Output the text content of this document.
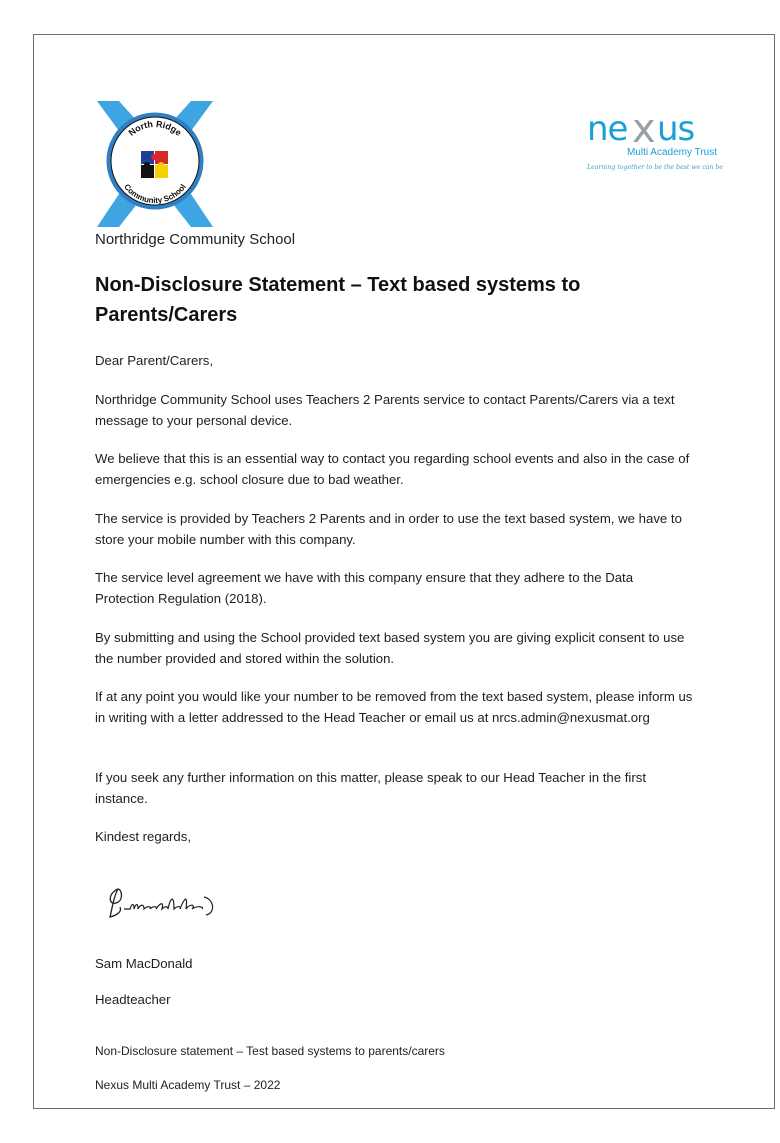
North Ridge
Community School
ne x us
Multi Academy Trust
Learning together to be the best we can be
Northridge Community School
Non-Disclosure Statement – Text based systems to Parents/Carers

Dear Parent/Carers,

Northridge Community School uses Teachers 2 Parents service to contact Parents/Carers via a text message to your personal device.

We believe that this is an essential way to contact you regarding school events and also in the case of emergencies e.g. school closure due to bad weather.

The service is provided by Teachers 2 Parents and in order to use the text based system, we have to store your mobile number with this company.

The service level agreement we have with this company ensure that they adhere to the Data Protection Regulation (2018).

By submitting and using the School provided text based system you are giving explicit consent to use the number provided and stored within the solution.

If at any point you would like your number to be removed from the text based system, please inform us in writing with a letter addressed to the Head Teacher or email us at nrcs.admin@nexusmat.org

If you seek any further information on this matter, please speak to our Head Teacher in the first instance.

Kindest regards,

Sam MacDonald

Headteacher

Non-Disclosure statement – Test based systems to parents/carers
Nexus Multi Academy Trust – 2022
